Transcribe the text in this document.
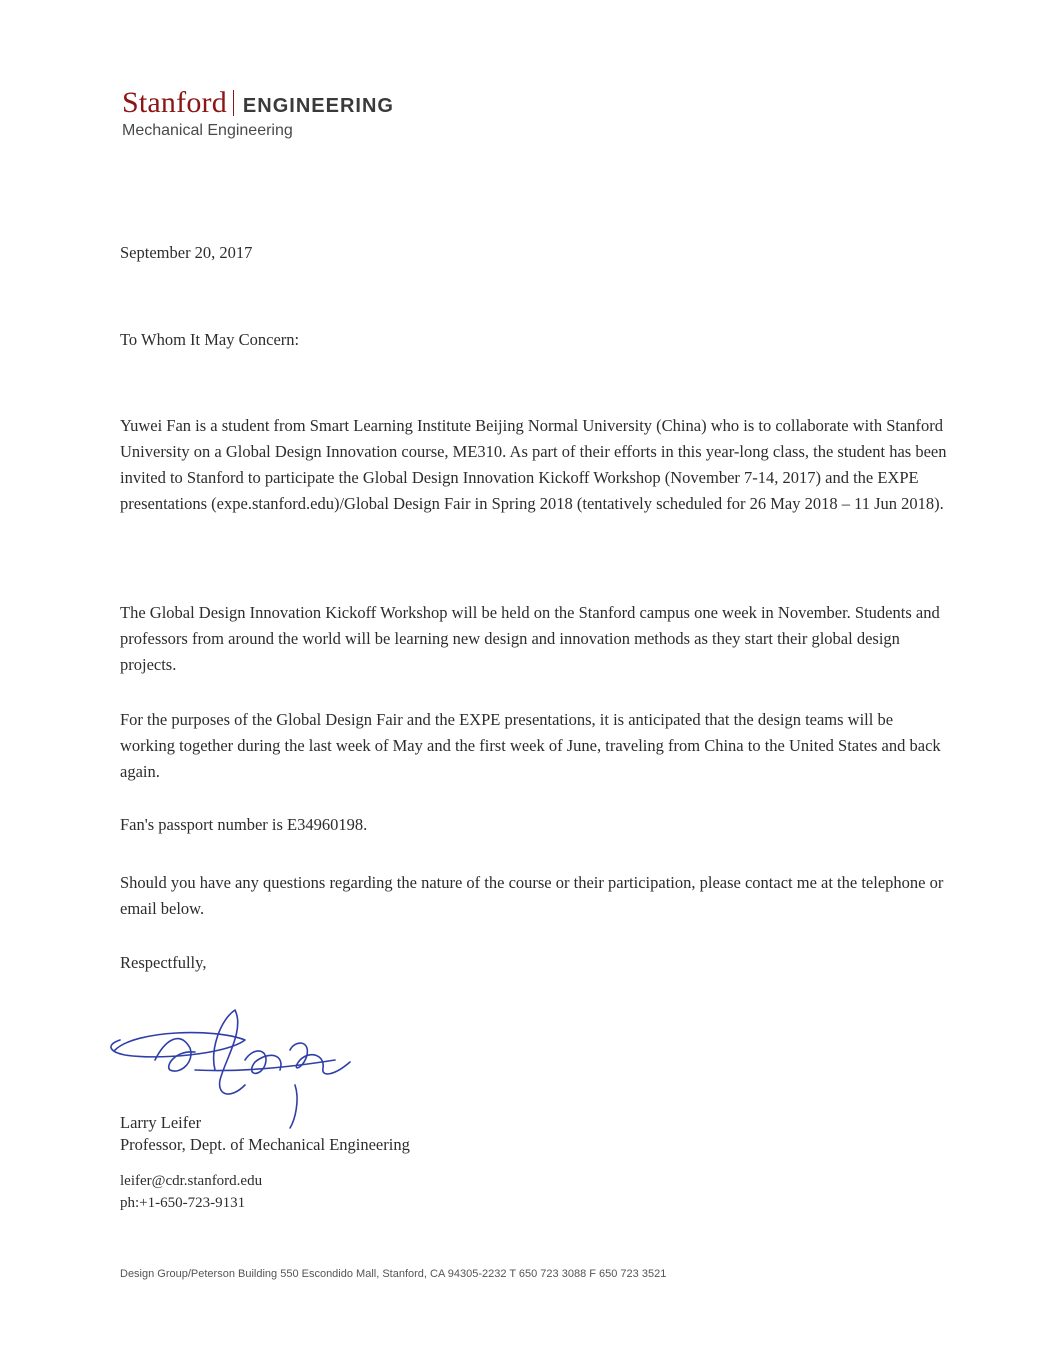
Stanford ENGINEERING
Mechanical Engineering

September 20, 2017

To Whom It May Concern:

Yuwei Fan is a student from Smart Learning Institute Beijing Normal University (China) who is to collaborate with Stanford University on a Global Design Innovation course, ME310. As part of their efforts in this year-long class, the student has been invited to Stanford to participate the Global Design Innovation Kickoff Workshop (November 7-14, 2017) and the EXPE presentations (expe.stanford.edu)/Global Design Fair in Spring 2018 (tentatively scheduled for 26 May 2018 – 11 Jun 2018).

The Global Design Innovation Kickoff Workshop will be held on the Stanford campus one week in November. Students and professors from around the world will be learning new design and innovation methods as they start their global design projects.

For the purposes of the Global Design Fair and the EXPE presentations, it is anticipated that the design teams will be working together during the last week of May and the first week of June, traveling from China to the United States and back again.

Fan's passport number is E34960198.

Should you have any questions regarding the nature of the course or their participation, please contact me at the telephone or email below.

Respectfully,

Larry Leifer
Professor, Dept. of Mechanical Engineering
leifer@cdr.stanford.edu
ph:+1-650-723-9131
Design Group/Peterson Building 550 Escondido Mall, Stanford, CA 94305-2232 T 650 723 3088 F 650 723 3521
